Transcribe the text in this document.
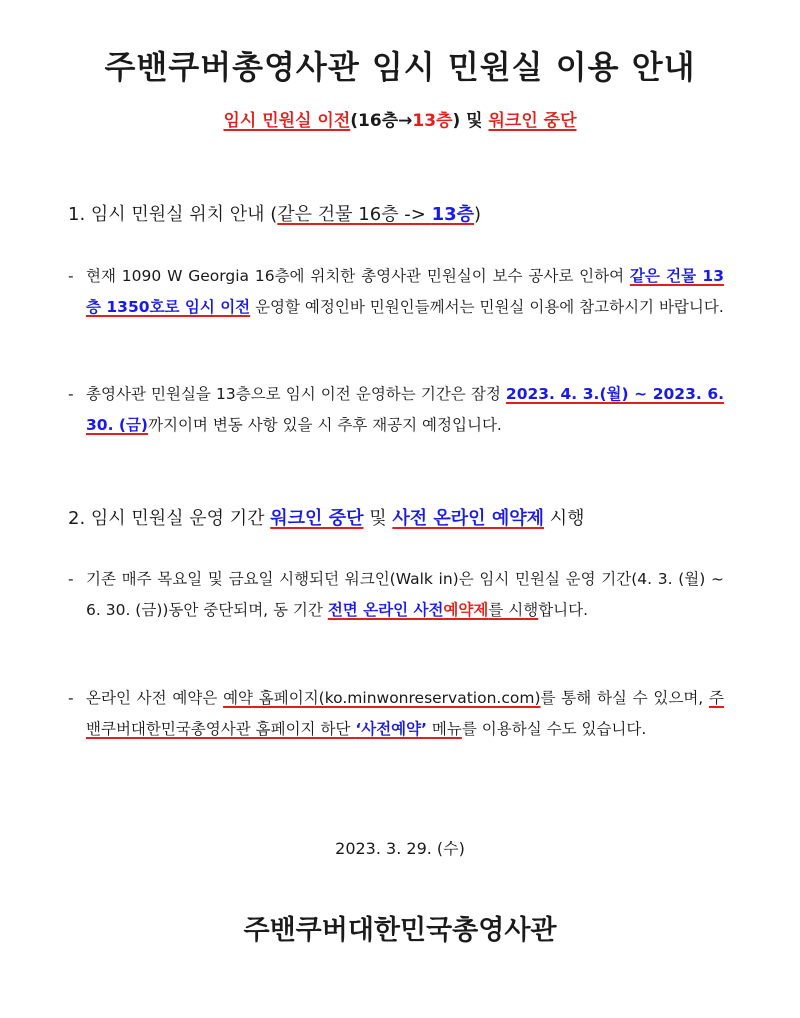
주밴쿠버총영사관 임시 민원실 이용 안내

임시 민원실 이전(16층→13층) 및 워크인 중단

1. 임시 민원실 위치 안내 (같은 건물 16층 -> 13층)

- 현재 1090 W Georgia 16층에 위치한 총영사관 민원실이 보수 공사로 인하여 같은 건물 13층 1350호로 임시 이전 운영할 예정인바 민원인들께서는 민원실 이용에 참고하시기 바랍니다.
- 총영사관 민원실을 13층으로 임시 이전 운영하는 기간은 잠정 2023. 4. 3.(월) ~ 2023. 6. 30. (금)까지이며 변동 사항 있을 시 추후 재공지 예정입니다.

2. 임시 민원실 운영 기간 워크인 중단 및 사전 온라인 예약제 시행

- 기존 매주 목요일 및 금요일 시행되던 워크인(Walk in)은 임시 민원실 운영 기간(4. 3. (월) ~ 6. 30. (금))동안 중단되며, 동 기간 전면 온라인 사전예약제를 시행합니다.
- 온라인 사전 예약은 예약 홈페이지(ko.minwonreservation.com)를 통해 하실 수 있으며, 주밴쿠버대한민국총영사관 홈페이지 하단 ‘사전예약’ 메뉴를 이용하실 수도 있습니다.

2023. 3. 29. (수)

주밴쿠버대한민국총영사관
